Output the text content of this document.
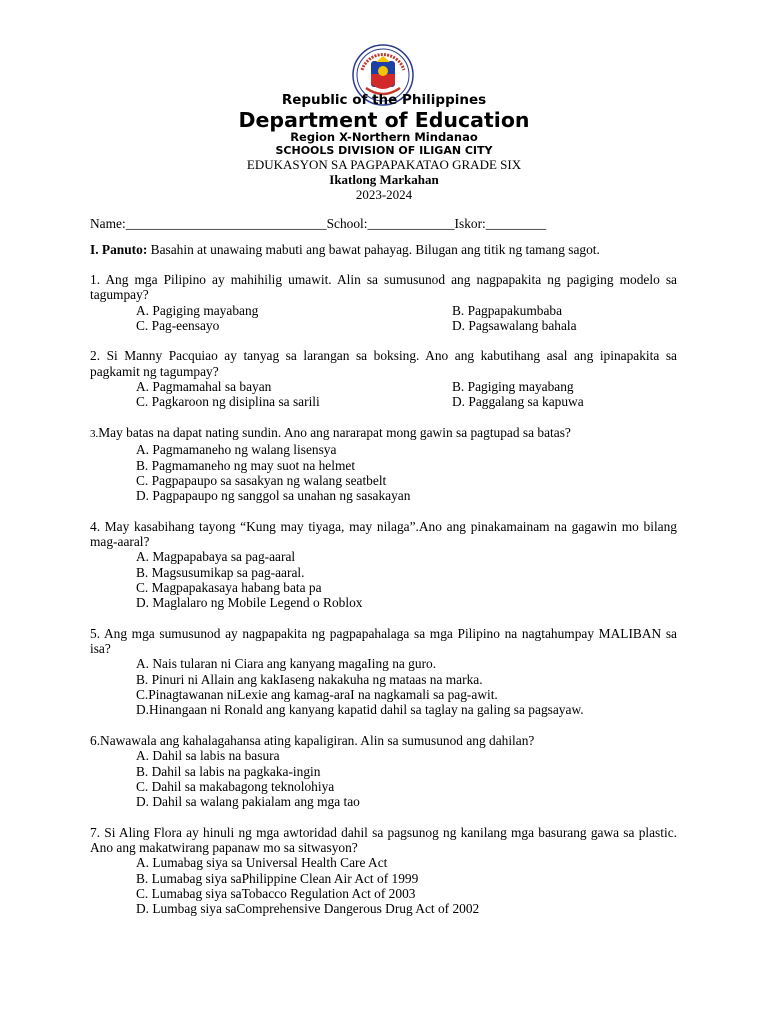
Republic of the Philippines
Department of Education
Region X-Northern Mindanao
SCHOOLS DIVISION OF ILIGAN CITY
EDUKASYON SA PAGPAPAKATAO GRADE SIX
Ikatlong Markahan
2023-2024
Name:______________________________School:_____________Iskor:_________
I. Panuto: Basahin at unawaing mabuti ang bawat pahayag. Bilugan ang titik ng tamang sagot.
1. Ang mga Pilipino ay mahihilig umawit. Alin sa sumusunod ang nagpapakita ng pagiging modelo sa tagumpay?
A. Pagiging mayabang	B. Pagpapakumbaba
C. Pag-eensayo	D. Pagsawalang bahala
2. Si Manny Pacquiao ay tanyag sa larangan sa boksing. Ano ang kabutihang asal ang ipinapakita sa pagkamit ng tagumpay?
A. Pagmamahal sa bayan	B. Pagiging mayabang
C. Pagkaroon ng disiplina sa sarili	D. Paggalang sa kapuwa
3.May batas na dapat nating sundin. Ano ang nararapat mong gawin sa pagtupad sa batas?
A. Pagmamaneho ng walang lisensya
B. Pagmamaneho ng may suot na helmet
C. Pagpapaupo sa sasakyan ng walang seatbelt
D. Pagpapaupo ng sanggol sa unahan ng sasakayan
4. May kasabihang tayong “Kung may tiyaga, may nilaga”.Ano ang pinakamainam na gagawin mo bilang mag-aaral?
A. Magpapabaya sa pag-aaral
B. Magsusumikap sa pag-aaral.
C. Magpapakasaya habang bata pa
D. Maglalaro ng Mobile Legend o Roblox
5. Ang mga sumusunod ay nagpapakita ng pagpapahalaga sa mga Pilipino na nagtahumpay MALIBAN sa isa?
A. Nais tularan ni Ciara ang kanyang magaIing na guro.
B. Pinuri ni Allain ang kakIaseng nakakuha ng mataas na marka.
C.Pinagtawanan niLexie ang kamag-araI na nagkamali sa pag-awit.
D.Hinangaan ni Ronald ang kanyang kapatid dahil sa taglay na galing sa pagsayaw.
6.Nawawala ang kahalagahansa ating kapaligiran. Alin sa sumusunod ang dahilan?
A. Dahil sa labis na basura
B. Dahil sa labis na pagkaka-ingin
C. Dahil sa makabagong teknolohiya
D. Dahil sa walang pakialam ang mga tao
7. Si Aling Flora ay hinuli ng mga awtoridad dahil sa pagsunog ng kanilang mga basurang gawa sa plastic. Ano ang makatwirang papanaw mo sa sitwasyon?
A. Lumabag siya sa Universal Health Care Act
B. Lumabag siya saPhilippine Clean Air Act of 1999
C. Lumabag siya saTobacco Regulation Act of 2003
D. Lumbag siya saComprehensive Dangerous Drug Act of 2002
